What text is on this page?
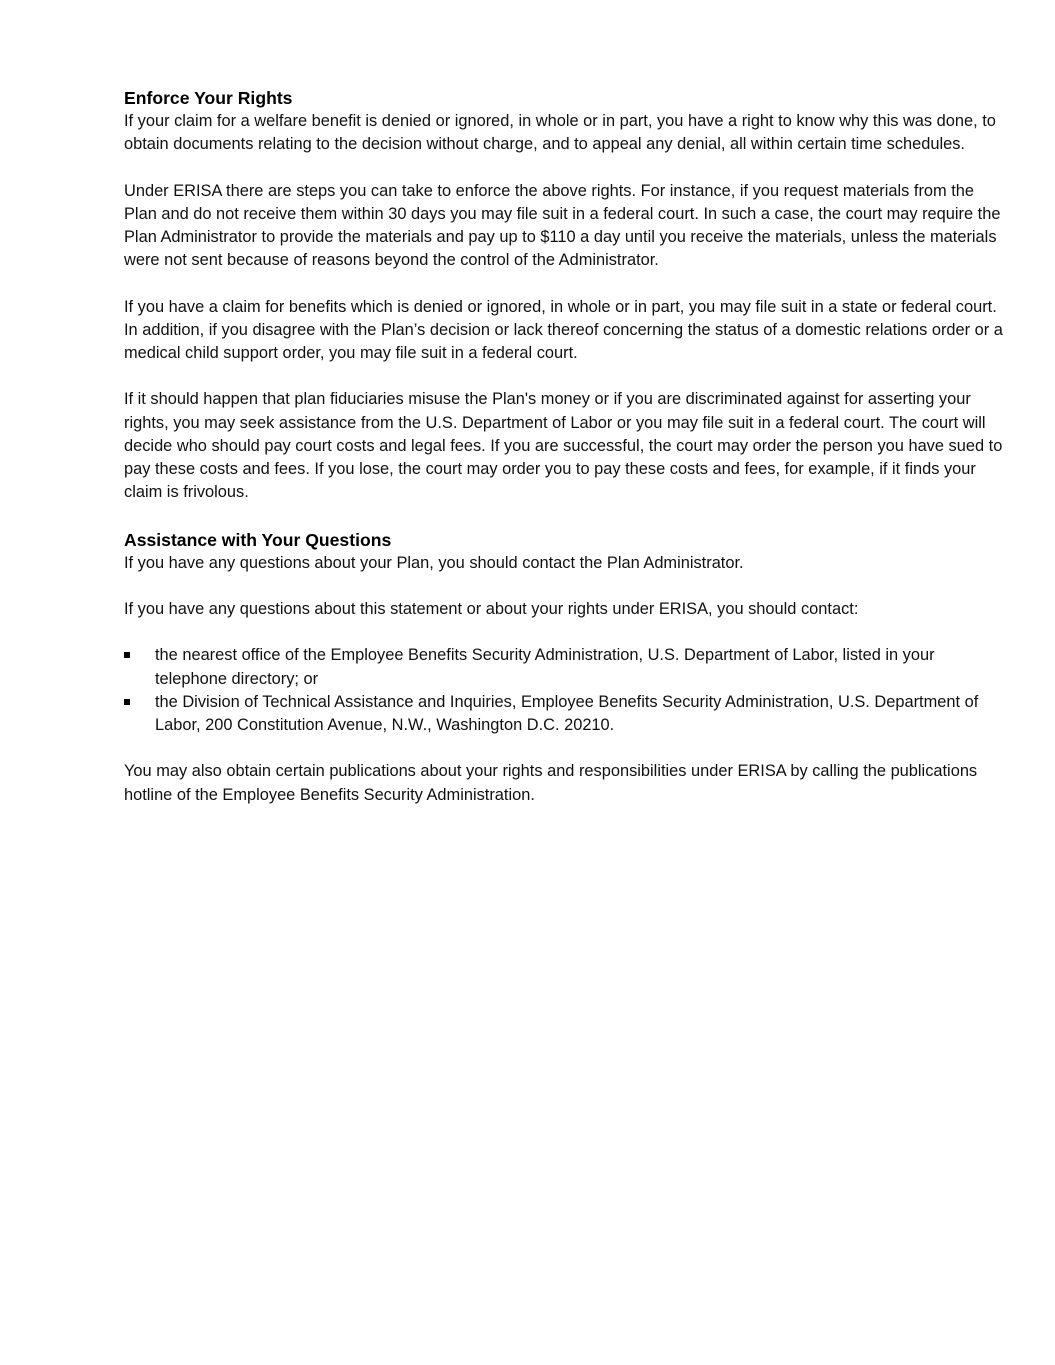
Enforce Your Rights

If your claim for a welfare benefit is denied or ignored, in whole or in part, you have a right to know why this was done, to obtain documents relating to the decision without charge, and to appeal any denial, all within certain time schedules.

Under ERISA there are steps you can take to enforce the above rights. For instance, if you request materials from the Plan and do not receive them within 30 days you may file suit in a federal court. In such a case, the court may require the Plan Administrator to provide the materials and pay up to $110 a day until you receive the materials, unless the materials were not sent because of reasons beyond the control of the Administrator.

If you have a claim for benefits which is denied or ignored, in whole or in part, you may file suit in a state or federal court. In addition, if you disagree with the Plan’s decision or lack thereof concerning the status of a domestic relations order or a medical child support order, you may file suit in a federal court.

If it should happen that plan fiduciaries misuse the Plan's money or if you are discriminated against for asserting your rights, you may seek assistance from the U.S. Department of Labor or you may file suit in a federal court. The court will decide who should pay court costs and legal fees. If you are successful, the court may order the person you have sued to pay these costs and fees. If you lose, the court may order you to pay these costs and fees, for example, if it finds your claim is frivolous.

Assistance with Your Questions

If you have any questions about your Plan, you should contact the Plan Administrator.

If you have any questions about this statement or about your rights under ERISA, you should contact:

the nearest office of the Employee Benefits Security Administration, U.S. Department of Labor, listed in your telephone directory; or
the Division of Technical Assistance and Inquiries, Employee Benefits Security Administration, U.S. Department of Labor, 200 Constitution Avenue, N.W., Washington D.C. 20210.

You may also obtain certain publications about your rights and responsibilities under ERISA by calling the publications hotline of the Employee Benefits Security Administration.
